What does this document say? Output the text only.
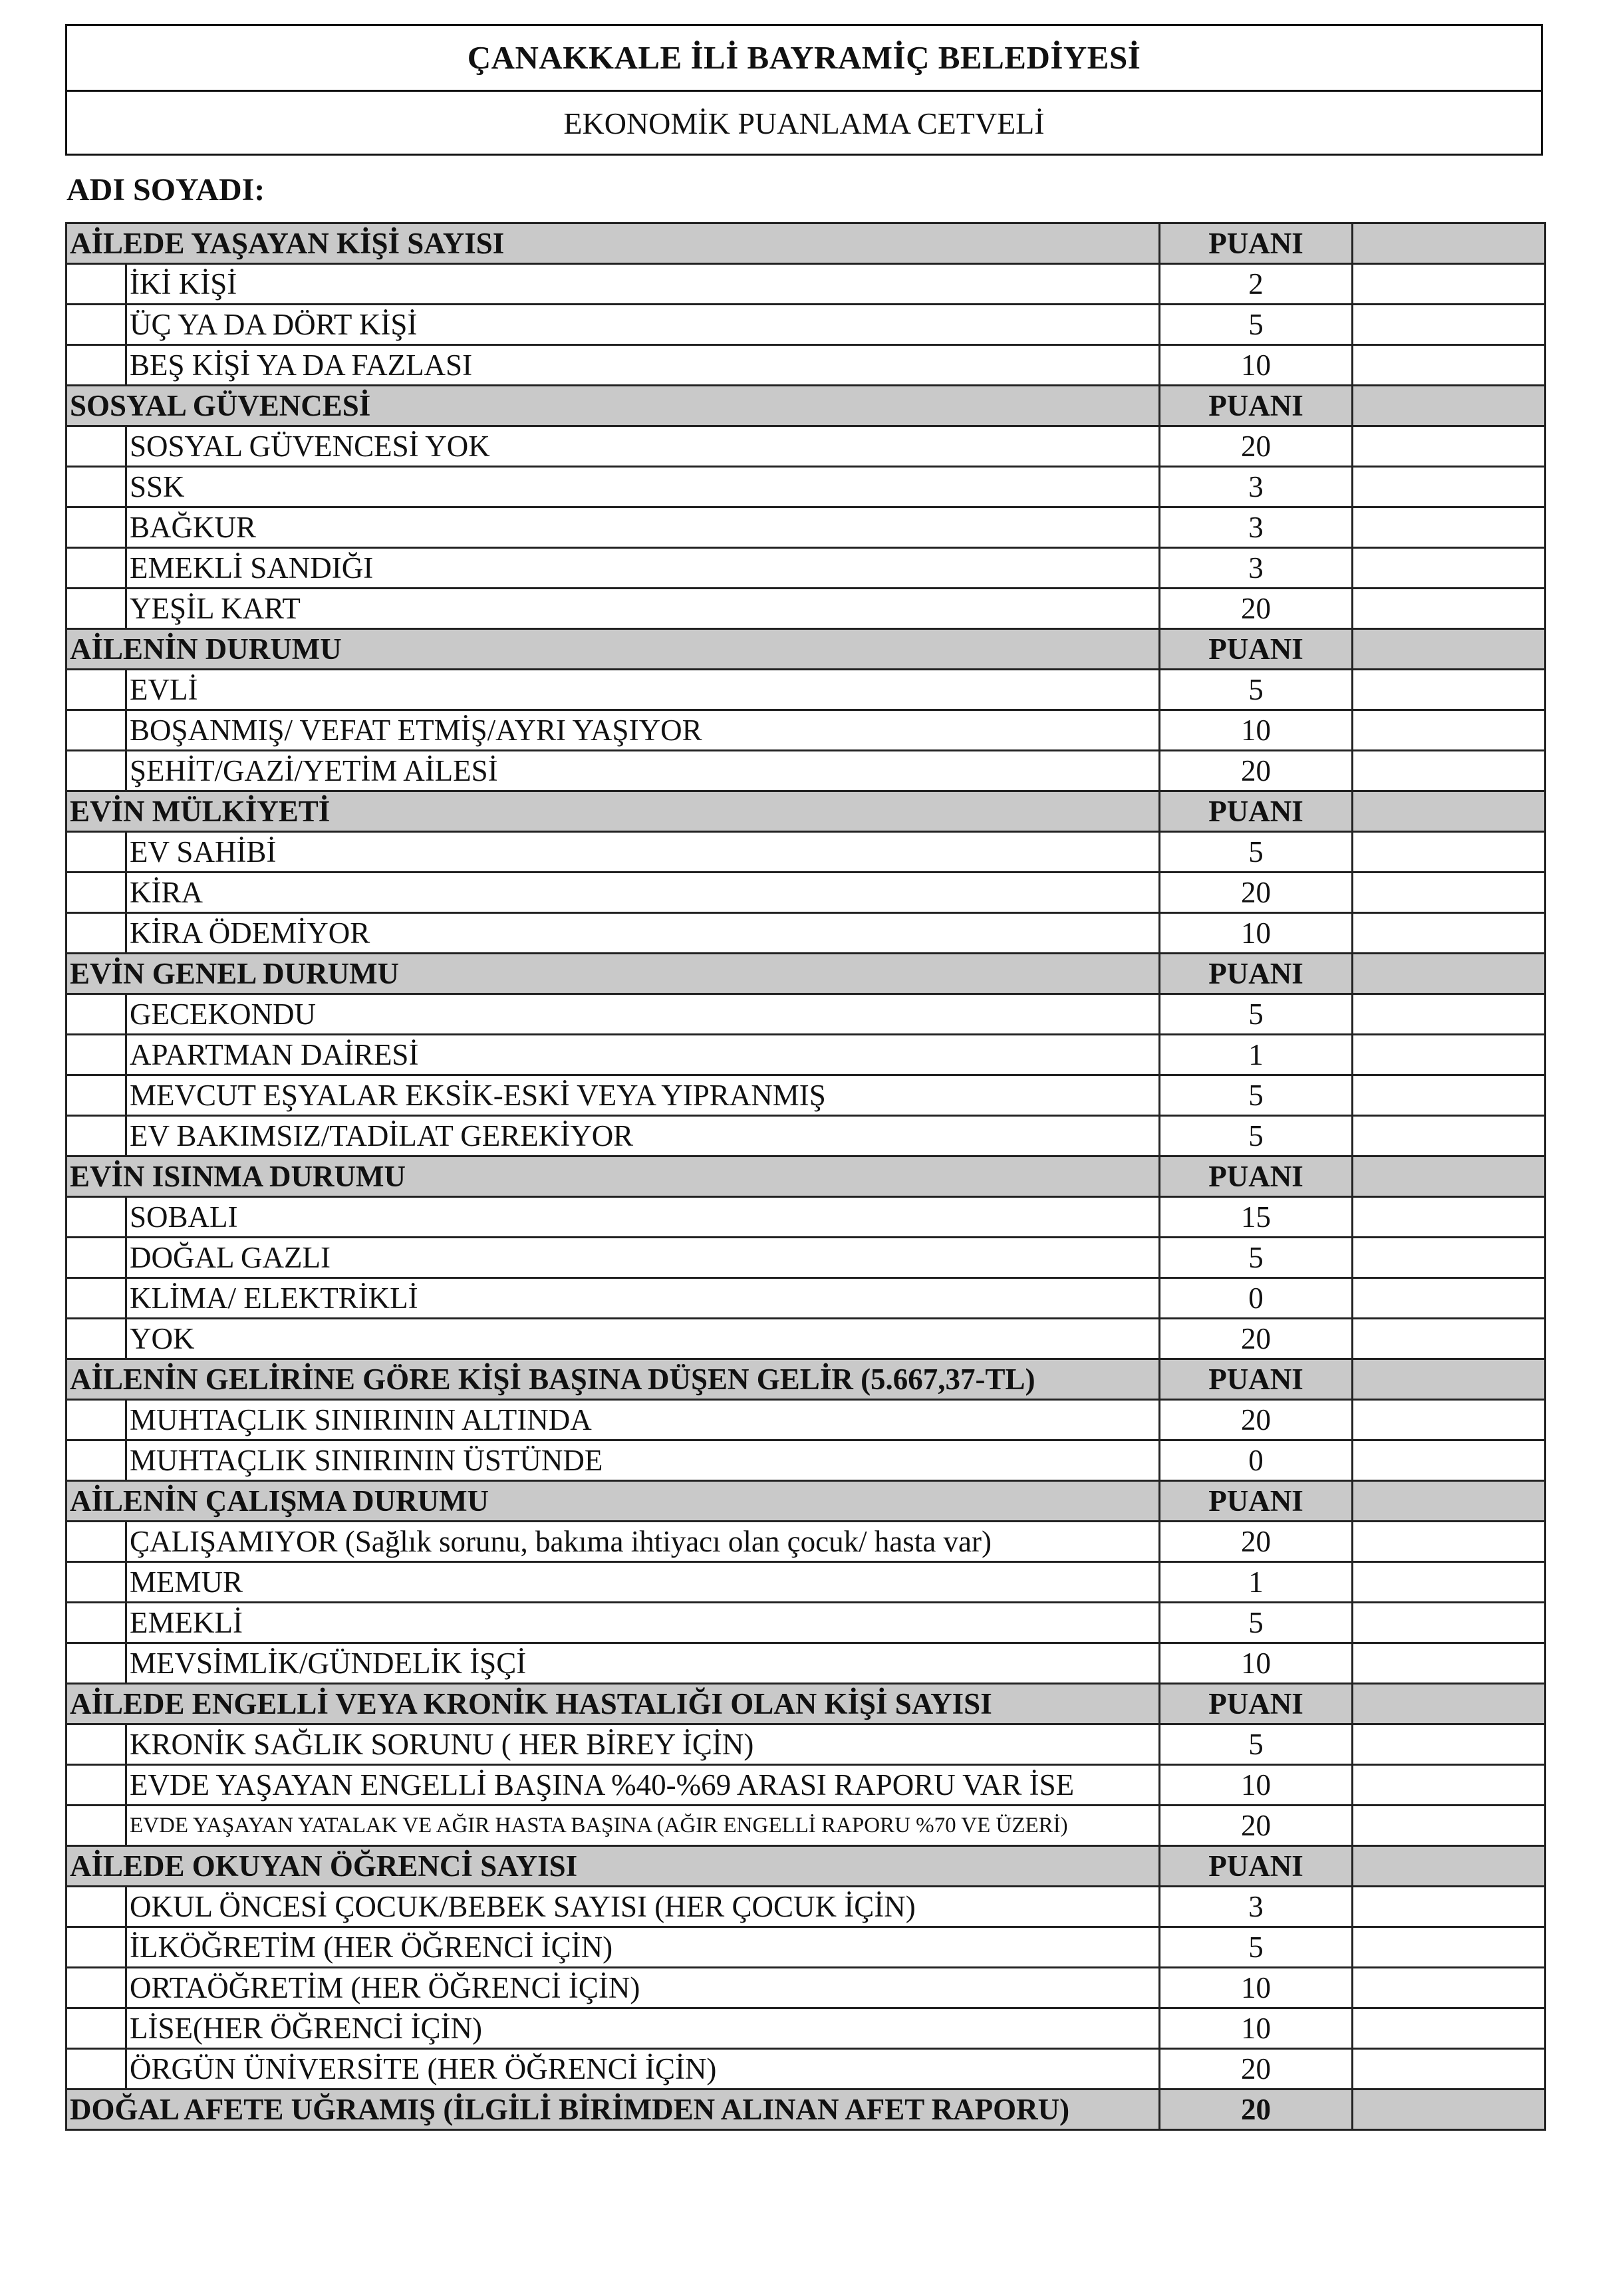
ÇANAKKALE İLİ BAYRAMİÇ BELEDİYESİ
EKONOMİK PUANLAMA CETVELİ
ADI SOYADI:
AİLEDE YAŞAYAN KİŞİ SAYISI		PUANI	
	İKİ KİŞİ	2	
	ÜÇ YA DA DÖRT KİŞİ	5	
	BEŞ KİŞİ YA DA FAZLASI	10	
SOSYAL GÜVENCESİ		PUANI	
	SOSYAL GÜVENCESİ YOK	20	
	SSK	3	
	BAĞKUR	3	
	EMEKLİ SANDIĞI	3	
	YEŞİL KART	20	
AİLENİN DURUMU		PUANI	
	EVLİ	5	
	BOŞANMIŞ/ VEFAT ETMİŞ/AYRI YAŞIYOR	10	
	ŞEHİT/GAZİ/YETİM AİLESİ	20	
EVİN MÜLKİYETİ		PUANI	
	EV SAHİBİ	5	
	KİRA	20	
	KİRA ÖDEMİYOR	10	
EVİN GENEL DURUMU		PUANI	
	GECEKONDU	5	
	APARTMAN DAİRESİ	1	
	MEVCUT EŞYALAR EKSİK-ESKİ VEYA YIPRANMIŞ	5	
	EV BAKIMSIZ/TADİLAT GEREKİYOR	5	
EVİN ISINMA DURUMU		PUANI	
	SOBALI	15	
	DOĞAL GAZLI	5	
	KLİMA/ ELEKTRİKLİ	0	
	YOK	20	
AİLENİN GELİRİNE GÖRE KİŞİ BAŞINA DÜŞEN GELİR (5.667,37-TL)		PUANI	
	MUHTAÇLIK SINIRININ ALTINDA	20	
	MUHTAÇLIK SINIRININ ÜSTÜNDE	0	
AİLENİN ÇALIŞMA DURUMU		PUANI	
	ÇALIŞAMIYOR (Sağlık sorunu, bakıma ihtiyacı olan çocuk/ hasta var)	20	
	MEMUR	1	
	EMEKLİ	5	
	MEVSİMLİK/GÜNDELİK İŞÇİ	10	
AİLEDE ENGELLİ VEYA KRONİK HASTALIĞI OLAN KİŞİ SAYISI		PUANI	
	KRONİK SAĞLIK SORUNU ( HER BİREY İÇİN)	5	
	EVDE YAŞAYAN ENGELLİ BAŞINA %40-%69 ARASI RAPORU VAR İSE	10	
	EVDE YAŞAYAN YATALAK VE AĞIR HASTA BAŞINA (AĞIR ENGELLİ RAPORU %70 VE ÜZERİ)	20	
AİLEDE OKUYAN ÖĞRENCİ SAYISI		PUANI	
	OKUL ÖNCESİ ÇOCUK/BEBEK SAYISI (HER ÇOCUK İÇİN)	3	
	İLKÖĞRETİM (HER ÖĞRENCİ İÇİN)	5	
	ORTAÖĞRETİM (HER ÖĞRENCİ İÇİN)	10	
	LİSE(HER ÖĞRENCİ İÇİN)	10	
	ÖRGÜN ÜNİVERSİTE (HER ÖĞRENCİ İÇİN)	20	
DOĞAL AFETE UĞRAMIŞ (İLGİLİ BİRİMDEN ALINAN AFET RAPORU)		20	
